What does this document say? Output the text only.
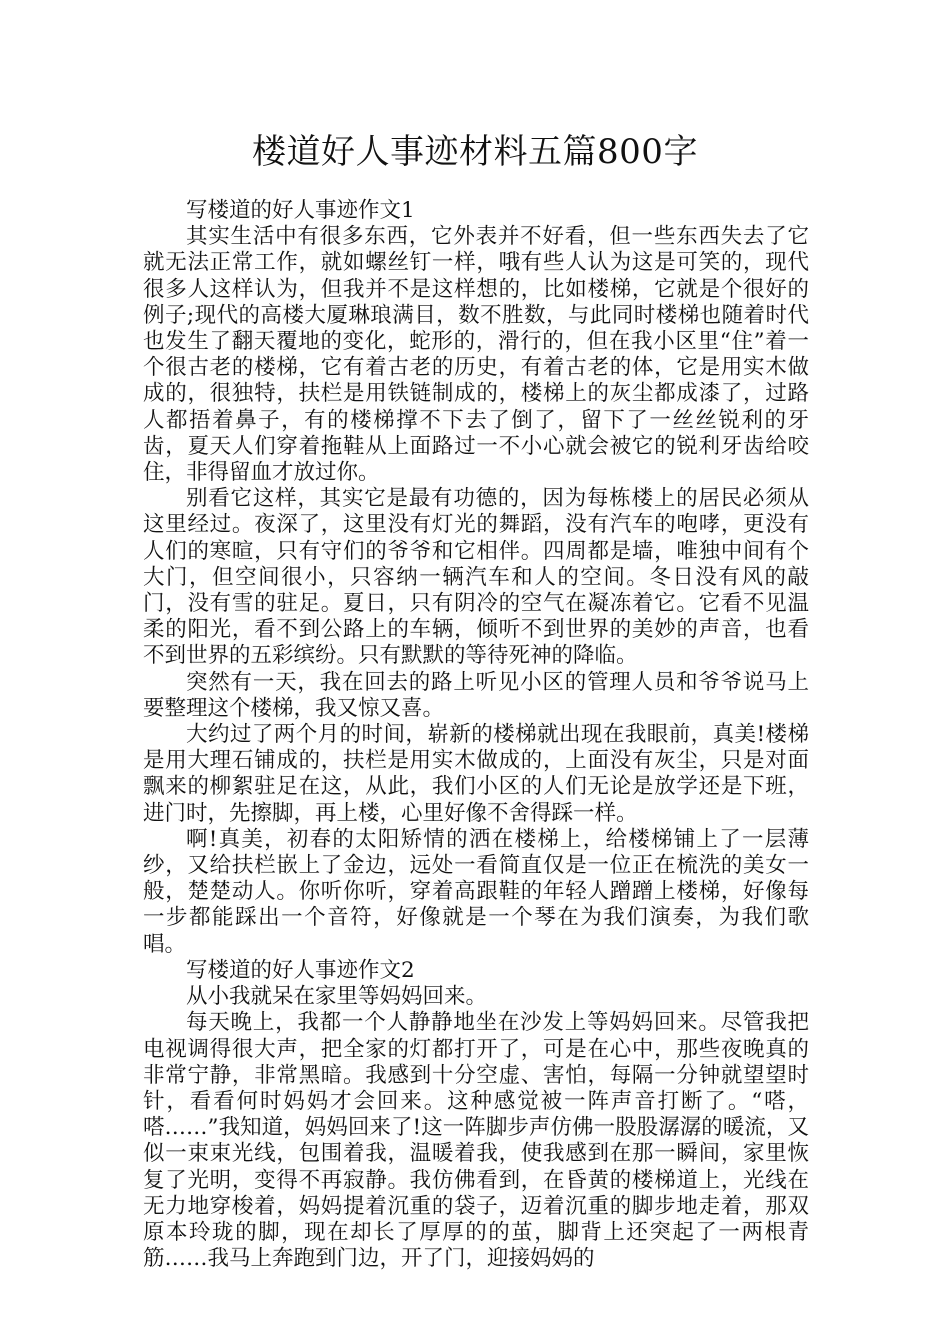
楼道好人事迹材料五篇800字

写楼道的好人事迹作文1

其实生活中有很多东西，它外表并不好看，但一些东西失去了它就无法正常工作，就如螺丝钉一样，哦有些人认为这是可笑的，现代很多人这样认为，但我并不是这样想的，比如楼梯，它就是个很好的例子;现代的高楼大厦琳琅满目，数不胜数，与此同时楼梯也随着时代也发生了翻天覆地的变化，蛇形的，滑行的，但在我小区里“住”着一个很古老的楼梯，它有着古老的历史，有着古老的体，它是用实木做成的，很独特，扶栏是用铁链制成的，楼梯上的灰尘都成漆了，过路人都捂着鼻子，有的楼梯撑不下去了倒了，留下了一丝丝锐利的牙齿，夏天人们穿着拖鞋从上面路过一不小心就会被它的锐利牙齿给咬住，非得留血才放过你。

别看它这样，其实它是最有功德的，因为每栋楼上的居民必须从这里经过。夜深了，这里没有灯光的舞蹈，没有汽车的咆哮，更没有人们的寒暄，只有守们的爷爷和它相伴。四周都是墙，唯独中间有个大门，但空间很小，只容纳一辆汽车和人的空间。冬日没有风的敲门，没有雪的驻足。夏日，只有阴冷的空气在凝冻着它。它看不见温柔的阳光，看不到公路上的车辆，倾听不到世界的美妙的声音，也看不到世界的五彩缤纷。只有默默的等待死神的降临。

突然有一天，我在回去的路上听见小区的管理人员和爷爷说马上要整理这个楼梯，我又惊又喜。

大约过了两个月的时间，崭新的楼梯就出现在我眼前，真美!楼梯是用大理石铺成的，扶栏是用实木做成的，上面没有灰尘，只是对面飘来的柳絮驻足在这，从此，我们小区的人们无论是放学还是下班，进门时，先擦脚，再上楼，心里好像不舍得踩一样。

啊!真美，初春的太阳矫情的洒在楼梯上，给楼梯铺上了一层薄纱，又给扶栏嵌上了金边，远处一看简直仅是一位正在梳洗的美女一般，楚楚动人。你听你听，穿着高跟鞋的年轻人蹭蹭上楼梯，好像每一步都能踩出一个音符，好像就是一个琴在为我们演奏，为我们歌唱。

写楼道的好人事迹作文2

从小我就呆在家里等妈妈回来。

每天晚上，我都一个人静静地坐在沙发上等妈妈回来。尽管我把电视调得很大声，把全家的灯都打开了，可是在心中，那些夜晚真的非常宁静，非常黑暗。我感到十分空虚、害怕，每隔一分钟就望望时针，看看何时妈妈才会回来。这种感觉被一阵声音打断了。“嗒，嗒……”我知道，妈妈回来了!这一阵脚步声仿佛一股股潺潺的暖流，又似一束束光线，包围着我，温暖着我，使我感到在那一瞬间，家里恢复了光明，变得不再寂静。我仿佛看到，在昏黄的楼梯道上，光线在无力地穿梭着，妈妈提着沉重的袋子，迈着沉重的脚步地走着，那双原本玲珑的脚，现在却长了厚厚的的茧，脚背上还突起了一两根青筋……我马上奔跑到门边，开了门，迎接妈妈的
